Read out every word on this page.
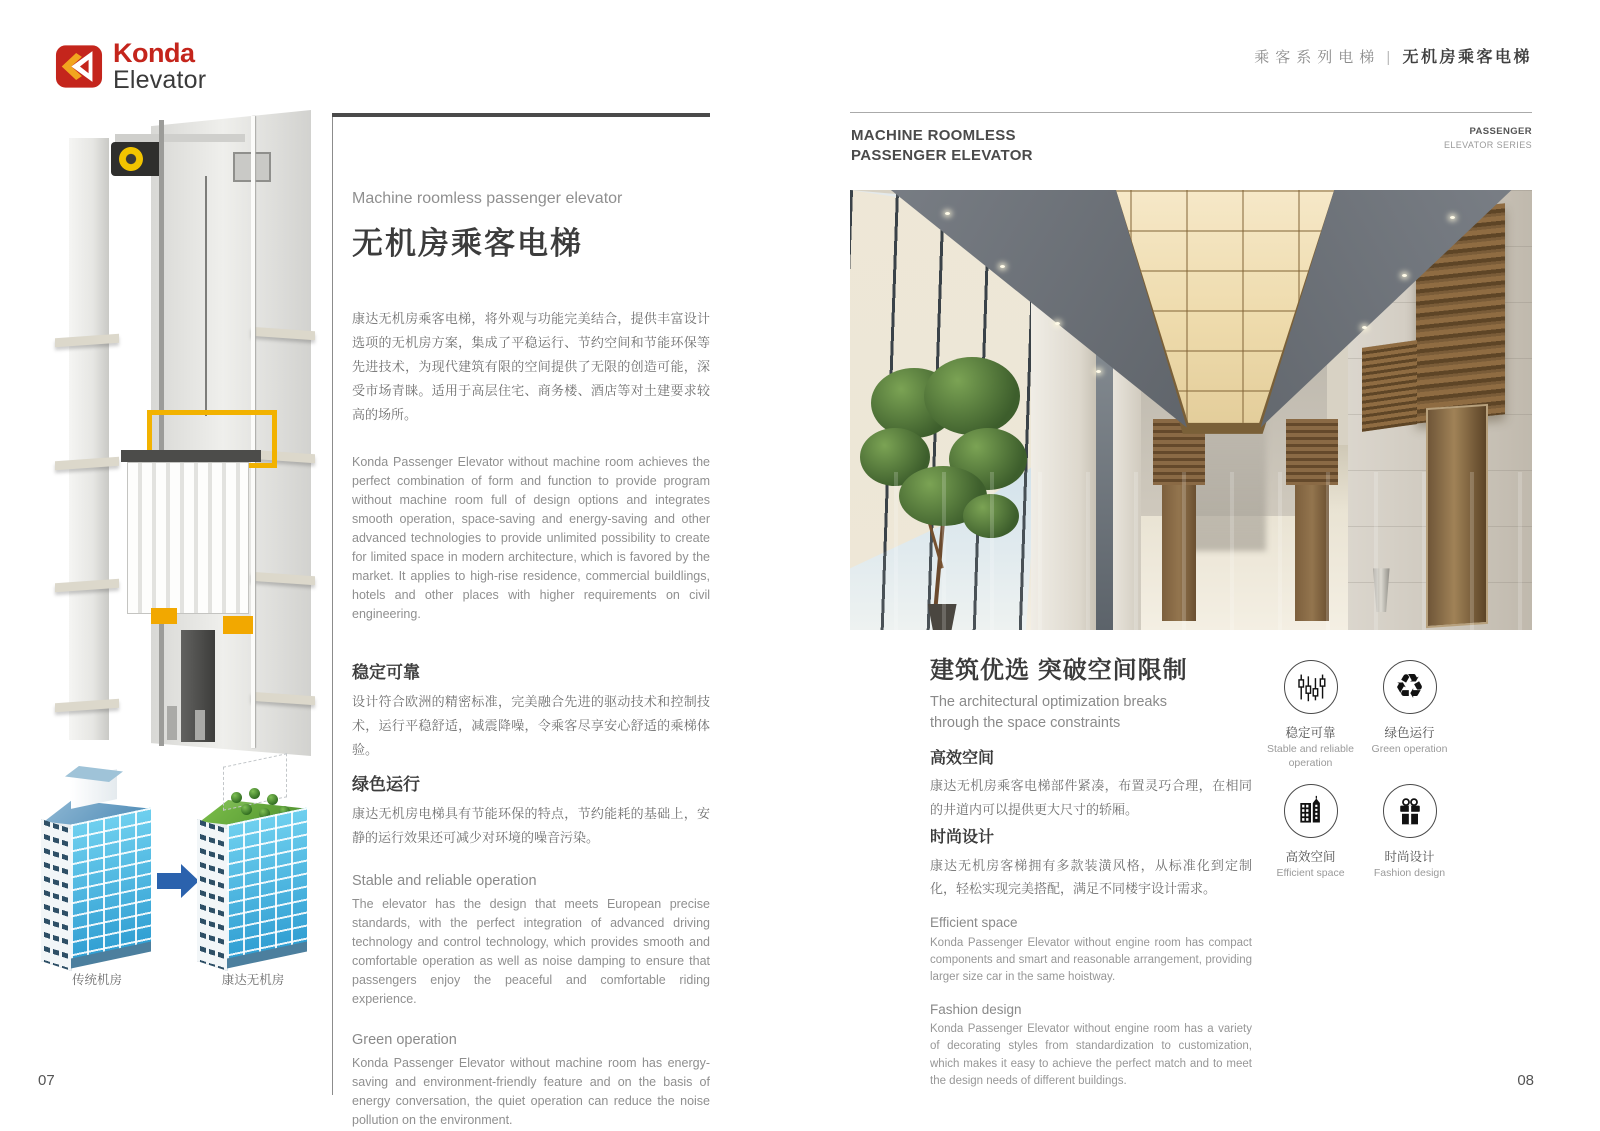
Konda
Elevator
乘客系列电梯 | 无机房乘客电梯
Machine roomless passenger elevator
无机房乘客电梯

康达无机房乘客电梯，将外观与功能完美结合，提供丰富设计选项的无机房方案，集成了平稳运行、节约空间和节能环保等先进技术，为现代建筑有限的空间提供了无限的创造可能，深受市场青睐。适用于高层住宅、商务楼、酒店等对土建要求较高的场所。

Konda Passenger Elevator without machine room achieves the perfect combination of form and function to provide program without machine room full of design options and integrates smooth operation, space-saving and energy-saving and other advanced technologies to provide unlimited possibility to create for limited space in modern architecture, which is favored by the market. It applies to high-rise residence, commercial buildlings, hotels and other places with higher requirements on civil engineering.

稳定可靠

设计符合欧洲的精密标准，完美融合先进的驱动技术和控制技术，运行平稳舒适，减震降噪，令乘客尽享安心舒适的乘梯体验。

绿色运行

康达无机房电梯具有节能环保的特点，节约能耗的基础上，安静的运行效果还可减少对环境的噪音污染。

Stable and reliable operation

The elevator has the design that meets European precise standards, with the perfect integration of advanced driving technology and control technology, which provides smooth and comfortable operation as well as noise damping to ensure that passengers enjoy the peaceful and comfortable riding experience.

Green operation

Konda Passenger Elevator without machine room has energy-saving and environment-friendly feature and on the basis of energy conversation, the quiet operation can reduce the noise pollution on the environment.

传统机房	康达无机房
07	08
MACHINE ROOMLESS
PASSENGER ELEVATOR
PASSENGER
ELEVATOR SERIES
建筑优选 突破空间限制

The architectural optimization breaks
through the space constraints

高效空间

康达无机房乘客电梯部件紧凑，布置灵巧合理，在相同的井道内可以提供更大尺寸的轿厢。

时尚设计

康达无机房客梯拥有多款装潢风格，从标准化到定制化，轻松实现完美搭配，满足不同楼宇设计需求。

Efficient space

Konda Passenger Elevator without engine room has compact components and smart and reasonable arrangement, providing larger size car in the same hoistway.

Fashion design

Konda Passenger Elevator without engine room has a variety of decorating styles from standardization to customization, which makes it easy to achieve the perfect match and to meet the design needs of different buildings.

稳定可靠
Stable and reliable operation
♻
绿色运行
Green operation
高效空间
Efficient space
时尚设计
Fashion design
